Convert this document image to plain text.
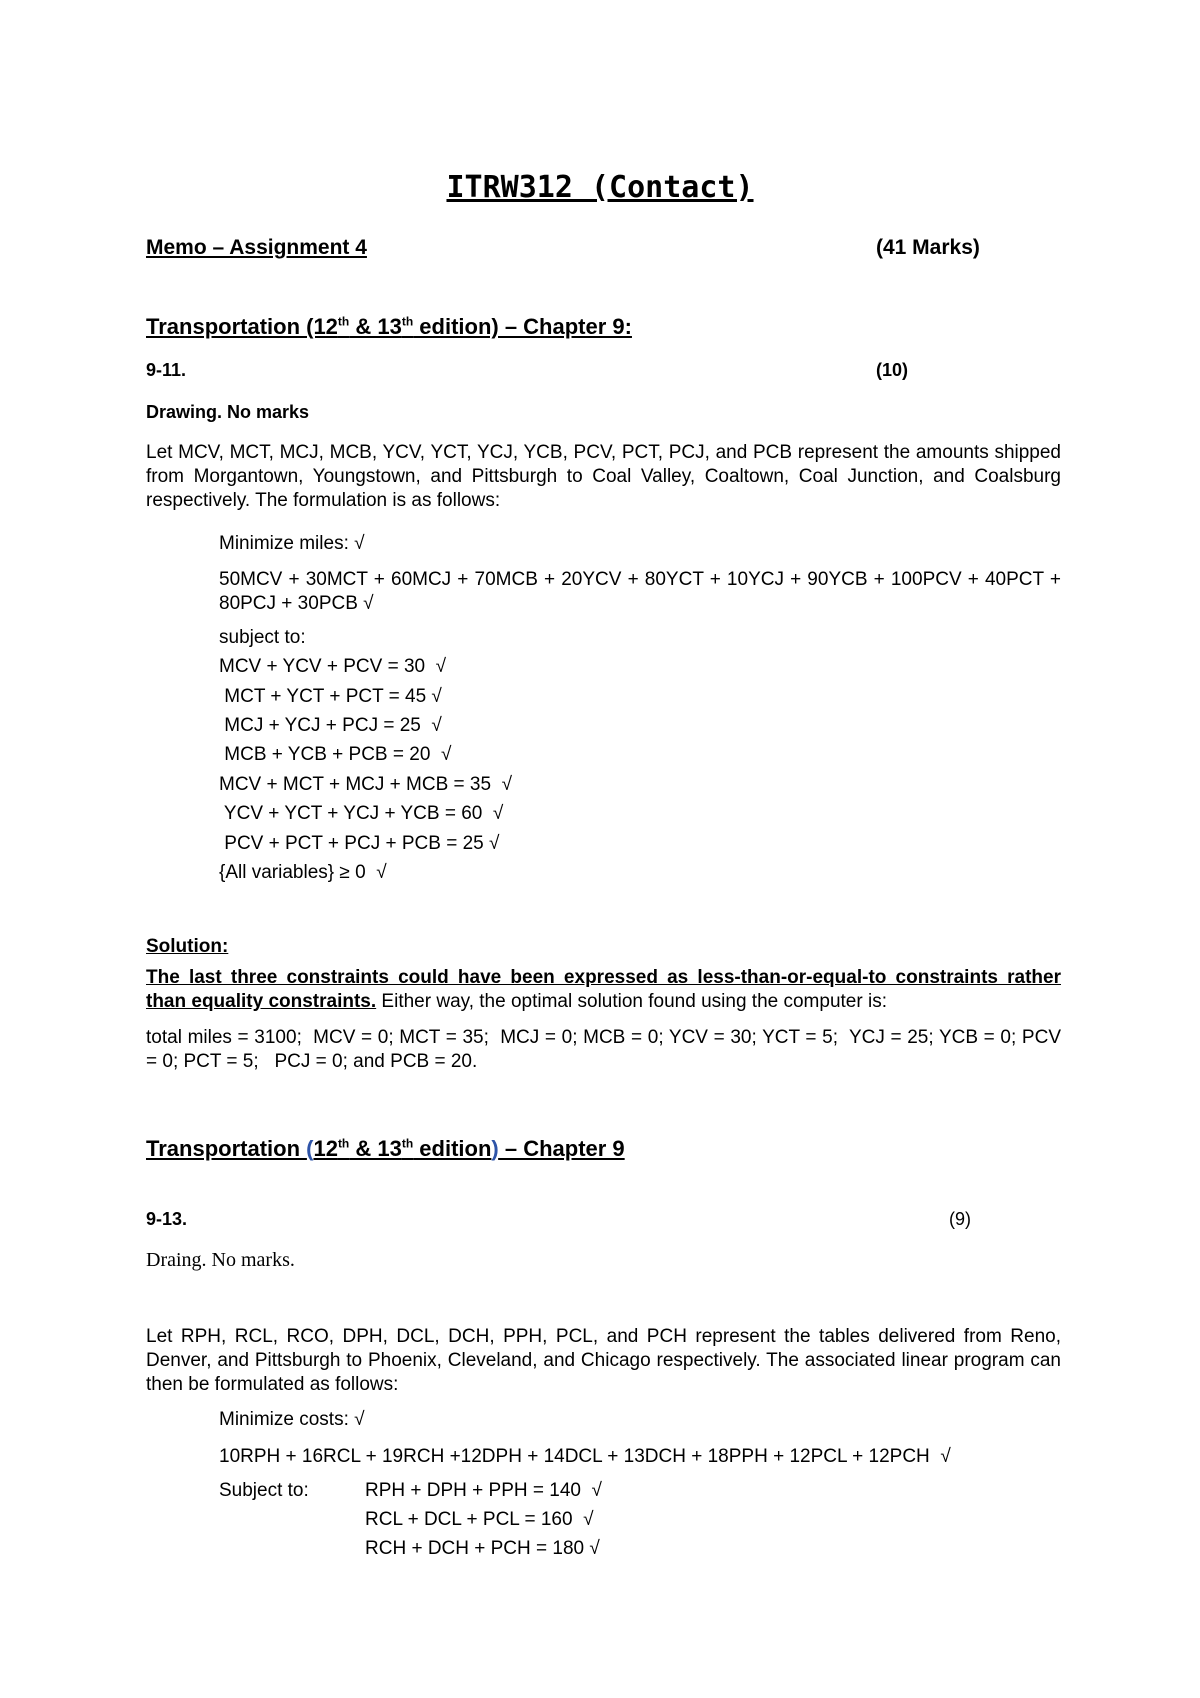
ITRW312 (Contact)
Memo – Assignment 4	(41 Marks)
Transportation (12th & 13th edition) – Chapter 9:
9-11.	(10)
Drawing. No marks
Let MCV, MCT, MCJ, MCB, YCV, YCT, YCJ, YCB, PCV, PCT, PCJ, and PCB represent the amounts shipped from Morgantown, Youngstown, and Pittsburgh to Coal Valley, Coaltown, Coal Junction, and Coalsburg respectively. The formulation is as follows:
Minimize miles: √
50MCV + 30MCT + 60MCJ + 70MCB + 20YCV + 80YCT + 10YCJ + 90YCB + 100PCV + 40PCT + 80PCJ + 30PCB √
subject to:
MCV + YCV + PCV = 30  √
MCT + YCT + PCT = 45 √
MCJ + YCJ + PCJ = 25  √
MCB + YCB + PCB = 20  √
MCV + MCT + MCJ + MCB = 35  √
YCV + YCT + YCJ + YCB = 60  √
PCV + PCT + PCJ + PCB = 25 √
{All variables} ≥ 0  √
Solution:
The last three constraints could have been expressed as less-than-or-equal-to constraints rather than equality constraints. Either way, the optimal solution found using the computer is:
total miles = 3100;  MCV = 0; MCT = 35;  MCJ = 0; MCB = 0; YCV = 30; YCT = 5;  YCJ = 25; YCB = 0; PCV = 0; PCT = 5;   PCJ = 0; and PCB = 20.
Transportation (12th & 13th edition) – Chapter 9
9-13.	(9)
Draing. No marks.
Let RPH, RCL, RCO, DPH, DCL, DCH, PPH, PCL, and PCH represent the tables delivered from Reno, Denver, and Pittsburgh to Phoenix, Cleveland, and Chicago respectively. The associated linear program can then be formulated as follows:
Minimize costs: √
10RPH + 16RCL + 19RCH +12DPH + 14DCL + 13DCH + 18PPH + 12PCL + 12PCH  √
Subject to:	RPH + DPH + PPH = 140  √
RCL + DCL + PCL = 160  √
RCH + DCH + PCH = 180 √
